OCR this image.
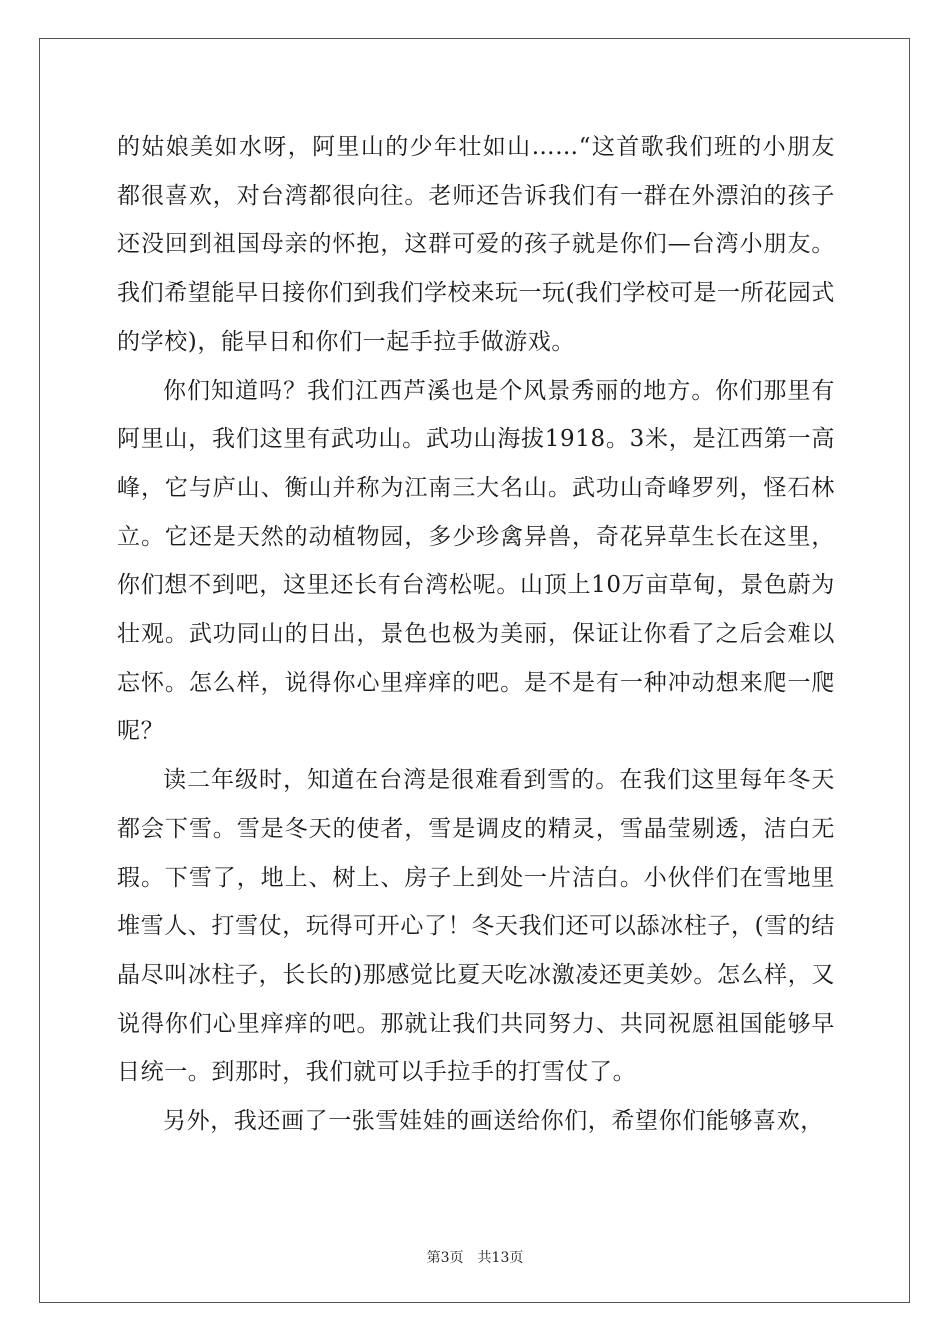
的姑娘美如水呀，阿里山的少年壮如山……“这首歌我们班的小朋友都很喜欢，对台湾都很向往。老师还告诉我们有一群在外漂泊的孩子还没回到祖国母亲的怀抱，这群可爱的孩子就是你们—台湾小朋友。我们希望能早日接你们到我们学校来玩一玩(我们学校可是一所花园式的学校)，能早日和你们一起手拉手做游戏。

你们知道吗？我们江西芦溪也是个风景秀丽的地方。你们那里有阿里山，我们这里有武功山。武功山海拔1918。3米，是江西第一高峰，它与庐山、衡山并称为江南三大名山。武功山奇峰罗列，怪石林立。它还是天然的动植物园，多少珍禽异兽，奇花异草生长在这里，你们想不到吧，这里还长有台湾松呢。山顶上10万亩草甸，景色蔚为壮观。武功同山的日出，景色也极为美丽，保证让你看了之后会难以忘怀。怎么样，说得你心里痒痒的吧。是不是有一种冲动想来爬一爬呢？

读二年级时，知道在台湾是很难看到雪的。在我们这里每年冬天都会下雪。雪是冬天的使者，雪是调皮的精灵，雪晶莹剔透，洁白无瑕。下雪了，地上、树上、房子上到处一片洁白。小伙伴们在雪地里堆雪人、打雪仗，玩得可开心了！冬天我们还可以舔冰柱子，(雪的结晶尽叫冰柱子，长长的)那感觉比夏天吃冰激凌还更美妙。怎么样，又说得你们心里痒痒的吧。那就让我们共同努力、共同祝愿祖国能够早日统一。到那时，我们就可以手拉手的打雪仗了。

另外，我还画了一张雪娃娃的画送给你们，希望你们能够喜欢，

第3页 共13页
